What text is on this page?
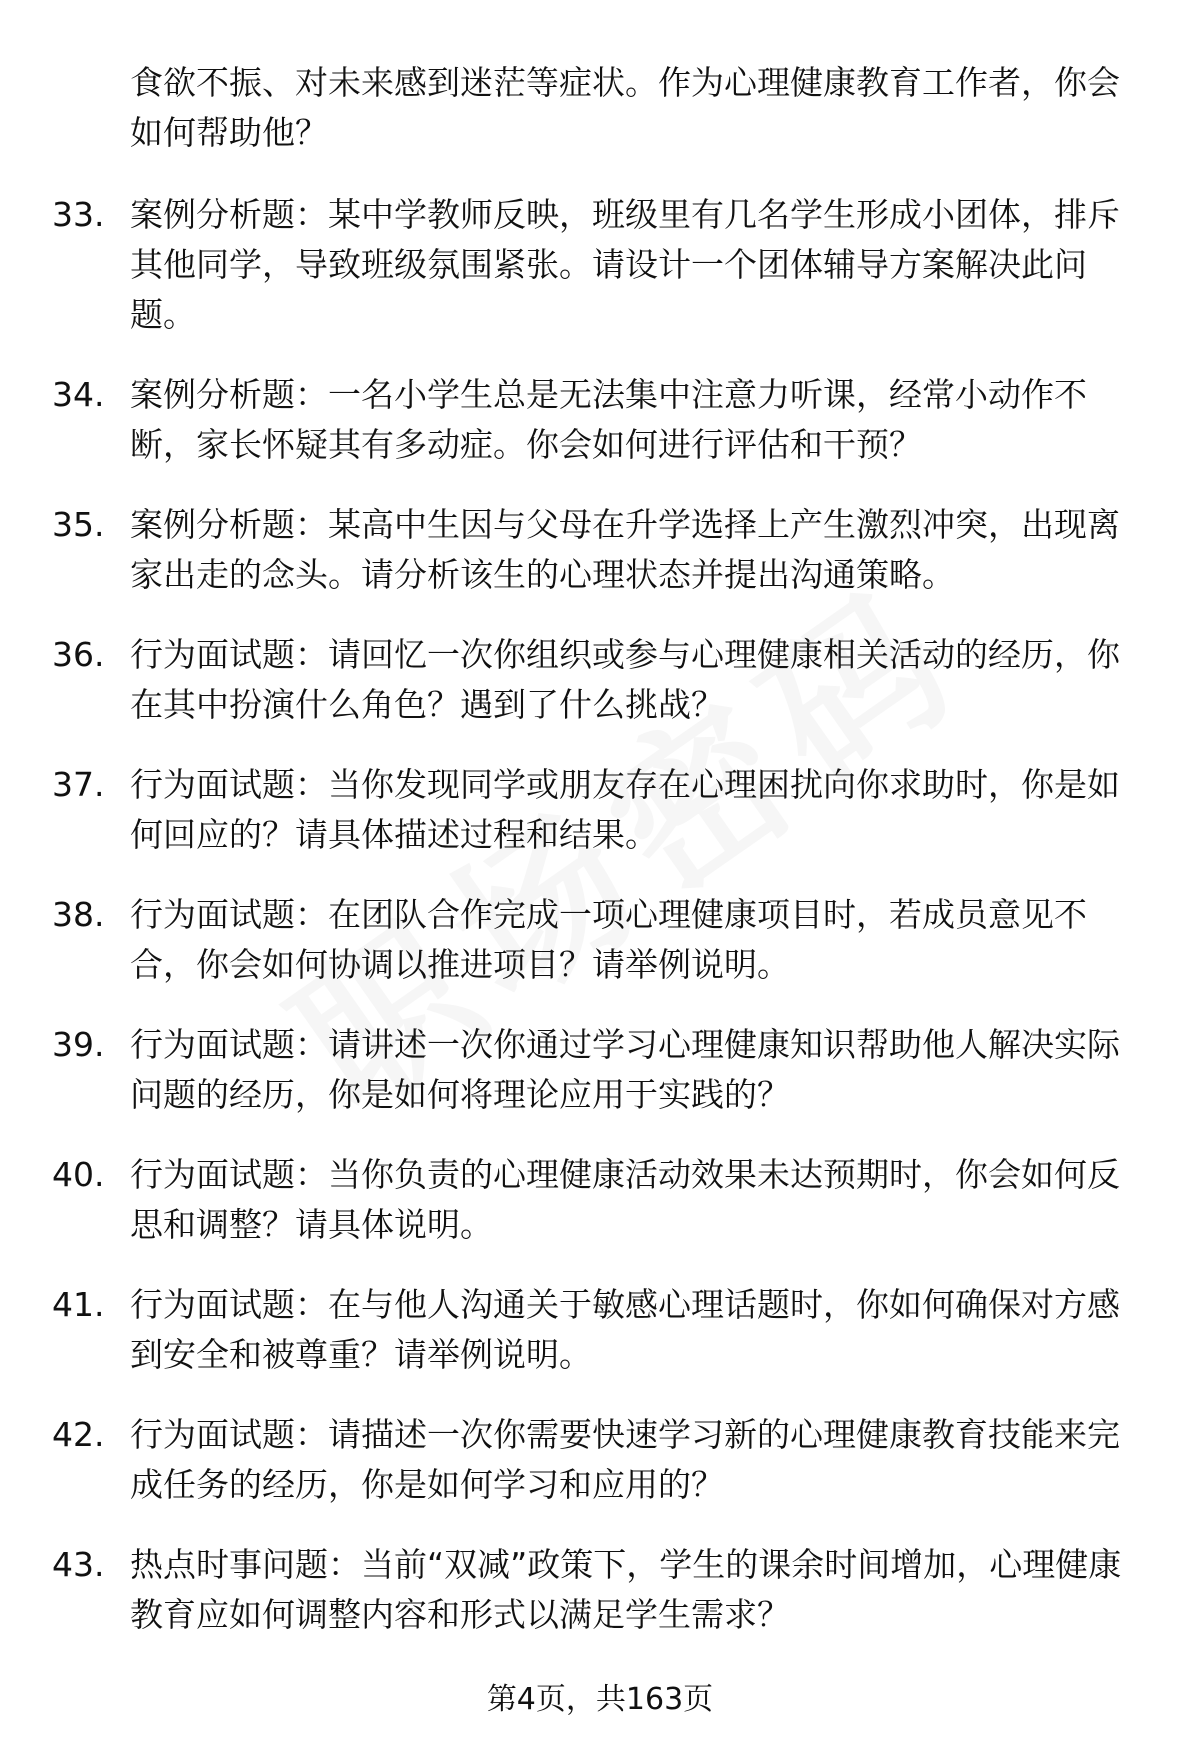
食欲不振、对未来感到迷茫等症状。作为心理健康教育工作者，你会如何帮助他？
33. 案例分析题：某中学教师反映，班级里有几名学生形成小团体，排斥其他同学，导致班级氛围紧张。请设计一个团体辅导方案解决此问题。
34. 案例分析题：一名小学生总是无法集中注意力听课，经常小动作不断，家长怀疑其有多动症。你会如何进行评估和干预？
35. 案例分析题：某高中生因与父母在升学选择上产生激烈冲突，出现离家出走的念头。请分析该生的心理状态并提出沟通策略。
36. 行为面试题：请回忆一次你组织或参与心理健康相关活动的经历，你在其中扮演什么角色？遇到了什么挑战？
37. 行为面试题：当你发现同学或朋友存在心理困扰向你求助时，你是如何回应的？请具体描述过程和结果。
38. 行为面试题：在团队合作完成一项心理健康项目时，若成员意见不合，你会如何协调以推进项目？请举例说明。
39. 行为面试题：请讲述一次你通过学习心理健康知识帮助他人解决实际问题的经历，你是如何将理论应用于实践的？
40. 行为面试题：当你负责的心理健康活动效果未达预期时，你会如何反思和调整？请具体说明。
41. 行为面试题：在与他人沟通关于敏感心理话题时，你如何确保对方感到安全和被尊重？请举例说明。
42. 行为面试题：请描述一次你需要快速学习新的心理健康教育技能来完成任务的经历，你是如何学习和应用的？
43. 热点时事问题：当前“双减”政策下，学生的课余时间增加，心理健康教育应如何调整内容和形式以满足学生需求？
第4页，共163页
